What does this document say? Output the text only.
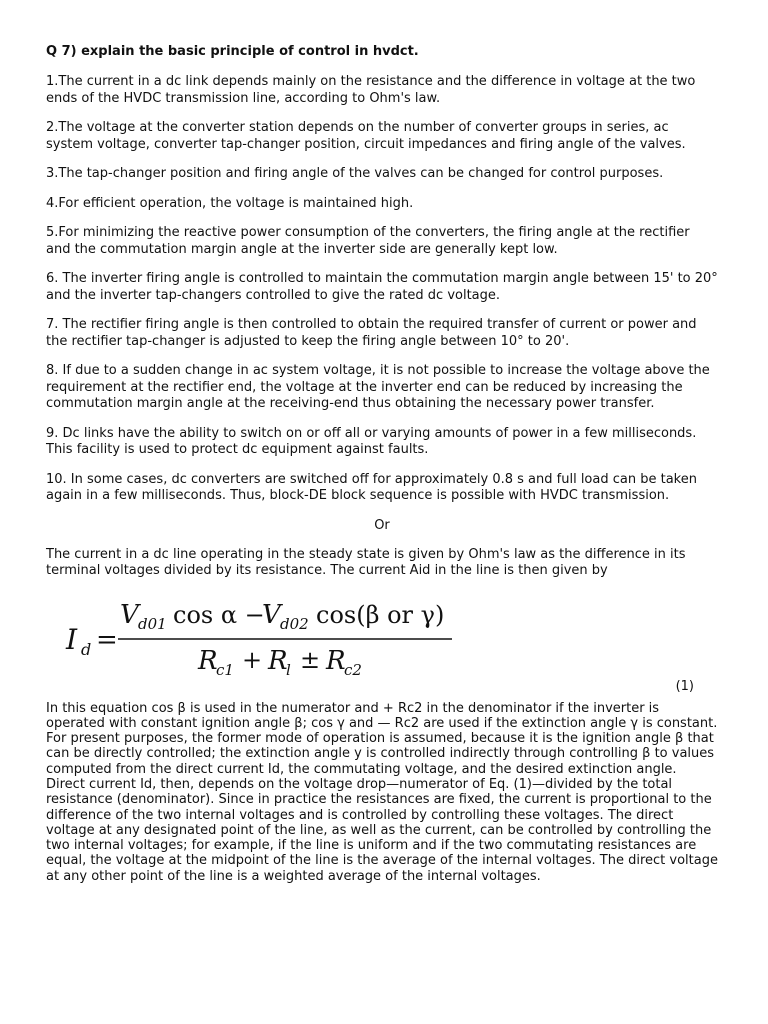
Q 7) explain the basic principle of control in hvdct.
1.The current in a dc link depends mainly on the resistance and the difference in voltage at the two ends of the HVDC transmission line, according to Ohm's law.
2.The voltage at the converter station depends on the number of converter groups in series, ac system voltage, converter tap-changer position, circuit impedances and firing angle of the valves.
3.The tap-changer position and firing angle of the valves can be changed for control purposes.
4.For efficient operation, the voltage is maintained high.
5.For minimizing the reactive power consumption of the converters, the firing angle at the rectifier and the commutation margin angle at the inverter side are generally kept low.
6. The inverter firing angle is controlled to maintain the commutation margin angle between 15' to 20° and the inverter tap-changers controlled to give the rated dc voltage.
7. The rectifier firing angle is then controlled to obtain the required transfer of current or power and the rectifier tap-changer is adjusted to keep the firing angle between 10° to 20'.
8. If due to a sudden change in ac system voltage, it is not possible to increase the voltage above the requirement at the rectifier end, the voltage at the inverter end can be reduced by increasing the commutation margin angle at the receiving-end thus obtaining the necessary power transfer.
9. Dc links have the ability to switch on or off all or varying amounts of power in a few milliseconds. This facility is used to protect dc equipment against faults.
10. In some cases, dc converters are switched off for approximately 0.8 s and full load can be taken again in a few milliseconds. Thus, block-DE block sequence is possible with HVDC transmission.
Or
The current in a dc line operating in the steady state is given by Ohm's law as the difference in its terminal voltages divided by its resistance. The current Aid in the line is then given by
I d =
V d01 cos α −
V d02 cos(β or γ)
R
c1 + R
l ± R
c2
(1)
In this equation cos β is used in the numerator and + Rc2 in the denominator if the inverter is operated with constant ignition angle β; cos γ and — Rc2 are used if the extinction angle γ is constant. For present purposes, the former mode of operation is assumed, because it is the ignition angle β that can be directly controlled; the extinction angle y is controlled indirectly through controlling β to values computed from the direct current Id, the commutating voltage, and the desired extinction angle. Direct current Id, then, depends on the voltage drop—numerator of Eq. (1)—divided by the total resistance (denominator). Since in practice the resistances are fixed, the current is proportional to the difference of the two internal voltages and is controlled by controlling these voltages. The direct voltage at any designated point of the line, as well as the current, can be controlled by controlling the two internal voltages; for example, if the line is uniform and if the two commutating resistances are equal, the voltage at the midpoint of the line is the average of the internal voltages. The direct voltage at any other point of the line is a weighted average of the internal voltages.
